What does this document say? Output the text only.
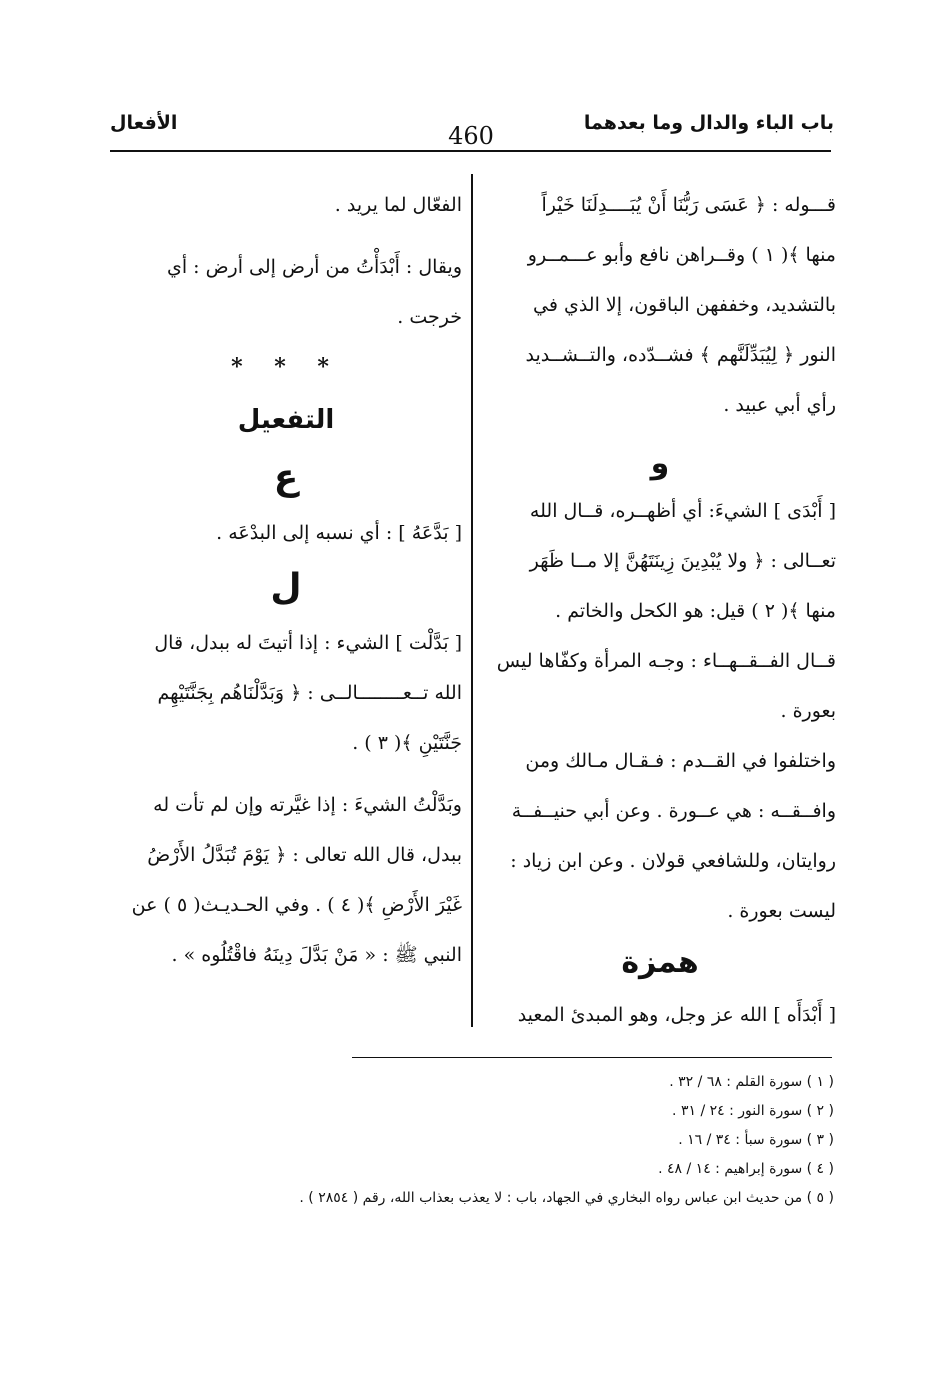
باب الباء والدال وما بعدهما
460
الأفعال
قـــوله : ﴿ عَسَى رَبُّنَا أَنْ يُبَــــدِلَنَا خَيْراً
منها ﴾( ١ ) وقــراهن نافع وأبو عـــمــرو
بالتشديد، وخففهن الباقون، إلا الذي في
النور ﴿ لِيُبَدِّلَنَّهم ﴾ فشــدّده، والتــشــديد
رأي أبي عبيد .
و
[ أَبْدَى ] الشيءَ: أي أظهــره، قــال الله
تعــالى : ﴿ ولا يُبْدِينَ زِينَتَهُنَّ إلا مــا ظَهَر
منها ﴾( ٢ ) قيل: هو الكحل والخاتم .
قــال الفــقــهــاء : وجـه المرأة وكفّاها ليس
بعورة .
واختلفوا في القــدم : فـقـال مـالك ومن
وافــقــه : هي عــورة . وعن أبي حنيــفــة
روايتان، وللشافعي قولان . وعن ابن زياد :
ليست بعورة .
همزة
[ أَبْدَأَه ] الله عز وجل، وهو المبدئ المعيد
الفعّال لما يريد .
ويقال : أَبْدَأْتُ من أرض إلى أرض : أي
خرجت .
* * *
التفعيل
ع
[ بَدَّعَهُ ] : أي نسبه إلى البدْعَه .
ل
[ بَدَّلْت ] الشيء : إذا أتيتَ له ببدل، قال
الله تــعــــــــالــى : ﴿ وَبَدَّلْنَاهُم بِجَنَّتَيْهِم
جَنَّتَيْنِ ﴾( ٣ ) .
وبَدَّلْتُ الشيءَ : إذا غيَّرته وإن لم تأت له
ببدل، قال الله تعالى : ﴿ يَوْمَ تُبَدَّلُ الأَرْضُ
غَيْرَ الأَرْضِ ﴾( ٤ ) . وفي الحـديـث( ٥ ) عن
النبي ﷺ : « مَنْ بَدَّلَ دِينَهُ فاقْتُلُوه » .
( ١ ) سورة القلم : ٦٨ / ٣٢ .
( ٢ ) سورة النور : ٢٤ / ٣١ .
( ٣ ) سورة سبأ : ٣٤ / ١٦ .
( ٤ ) سورة إبراهيم : ١٤ / ٤٨ .
( ٥ ) من حديث ابن عباس رواه البخاري في الجهاد، باب : لا يعذب بعذاب الله، رقم ( ٢٨٥٤ ) .
